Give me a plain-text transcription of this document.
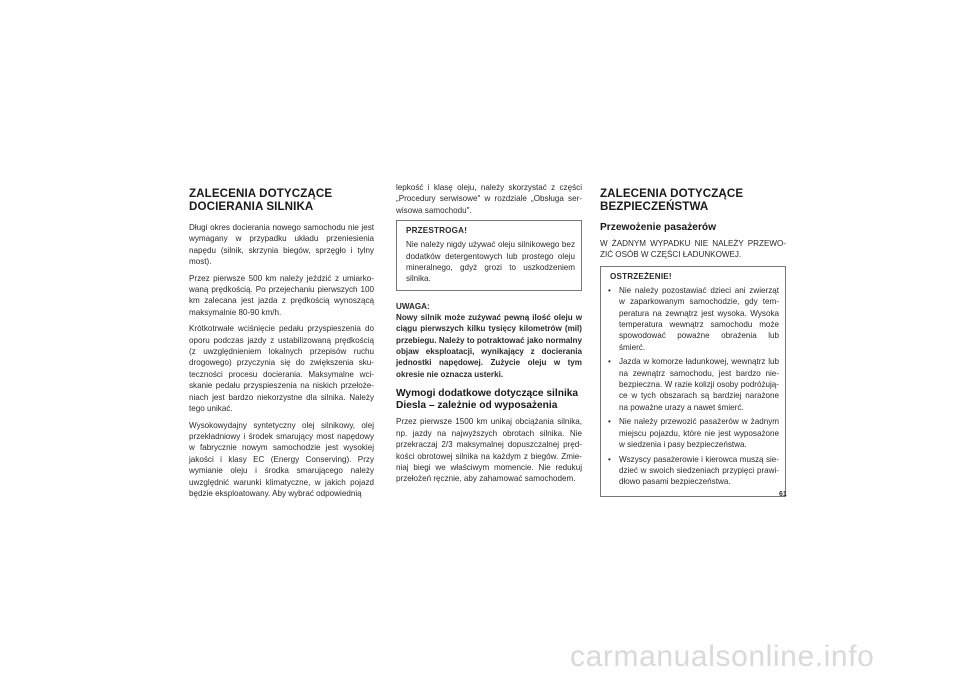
ZALECENIA DOTYCZĄCE DOCIERANIA SILNIKA

Długi okres docierania nowego samochodu nie jest wymagany w przypadku układu przeniesienia napędu (silnik, skrzynia biegów, sprzęgło i tylny most).

Przez pierwsze 500 km należy jeździć z umiarkowaną prędkością. Po przejechaniu pierwszych 100 km zalecana jest jazda z prędkością wynoszącą maksymalnie 80-90 km/h.

Krótkotrwałe wciśnięcie pedału przyspieszenia do oporu podczas jazdy z ustabilizowaną prędkością (z uwzględnieniem lokalnych przepisów ruchu drogowego) przyczynia się do zwiększenia skuteczności procesu docierania. Maksymalne wciskanie pedału przyspieszenia na niskich przełożeniach jest bardzo niekorzystne dla silnika. Należy tego unikać.

Wysokowydajny syntetyczny olej silnikowy, olej przekładniowy i środek smarujący most napędowy w fabrycznie nowym samochodzie jest wysokiej jakości i klasy EC (Energy Conserving). Przy wymianie oleju i środka smarującego należy uwzględnić warunki klimatyczne, w jakich pojazd będzie eksploatowany. Aby wybrać odpowiednią

lepkość i klasę oleju, należy skorzystać z części „Procedury serwisowe" w rozdziale „Obsługa serwisowa samochodu".

PRZESTROGA!
Nie należy nigdy używać oleju silnikowego bez dodatków detergentowych lub prostego oleju mineralnego, gdyż grozi to uszkodzeniem silnika.
UWAGA:
Nowy silnik może zużywać pewną ilość oleju w ciągu pierwszych kilku tysięcy kilometrów (mil) przebiegu. Należy to potraktować jako normalny objaw eksploatacji, wynikający z docierania jednostki napędowej. Zużycie oleju w tym okresie nie oznacza usterki.
Wymogi dodatkowe dotyczące silnika Diesla – zależnie od wyposażenia

Przez pierwsze 1500 km unikaj obciążania silnika, np. jazdy na najwyższych obrotach silnika. Nie przekraczaj 2/3 maksymalnej dopuszczalnej prędkości obrotowej silnika na każdym z biegów. Zmieniaj biegi we właściwym momencie. Nie redukuj przełożeń ręcznie, aby zahamować samochodem.

ZALECENIA DOTYCZĄCE BEZPIECZEŃSTWA
Przewożenie pasażerów

W ŻADNYM WYPADKU NIE NALEŻY PRZEWOZIĆ OSÓB W CZĘŚCI ŁADUNKOWEJ.

OSTRZEŻENIE!
• Nie należy pozostawiać dzieci ani zwierząt w zaparkowanym samochodzie, gdy temperatura na zewnątrz jest wysoka. Wysoka temperatura wewnątrz samochodu może spowodować poważne obrażenia lub śmierć.
• Jazda w komorze ładunkowej, wewnątrz lub na zewnątrz samochodu, jest bardzo niebezpieczna. W razie kolizji osoby podróżujące w tych obszarach są bardziej narażone na poważne urazy a nawet śmierć.
• Nie należy przewozić pasażerów w żadnym miejscu pojazdu, które nie jest wyposażone w siedzenia i pasy bezpieczeństwa.
• Wszyscy pasażerowie i kierowca muszą siedzieć w swoich siedzeniach przypięci prawidłowo pasami bezpieczeństwa.
61
carmanualsonline.info
